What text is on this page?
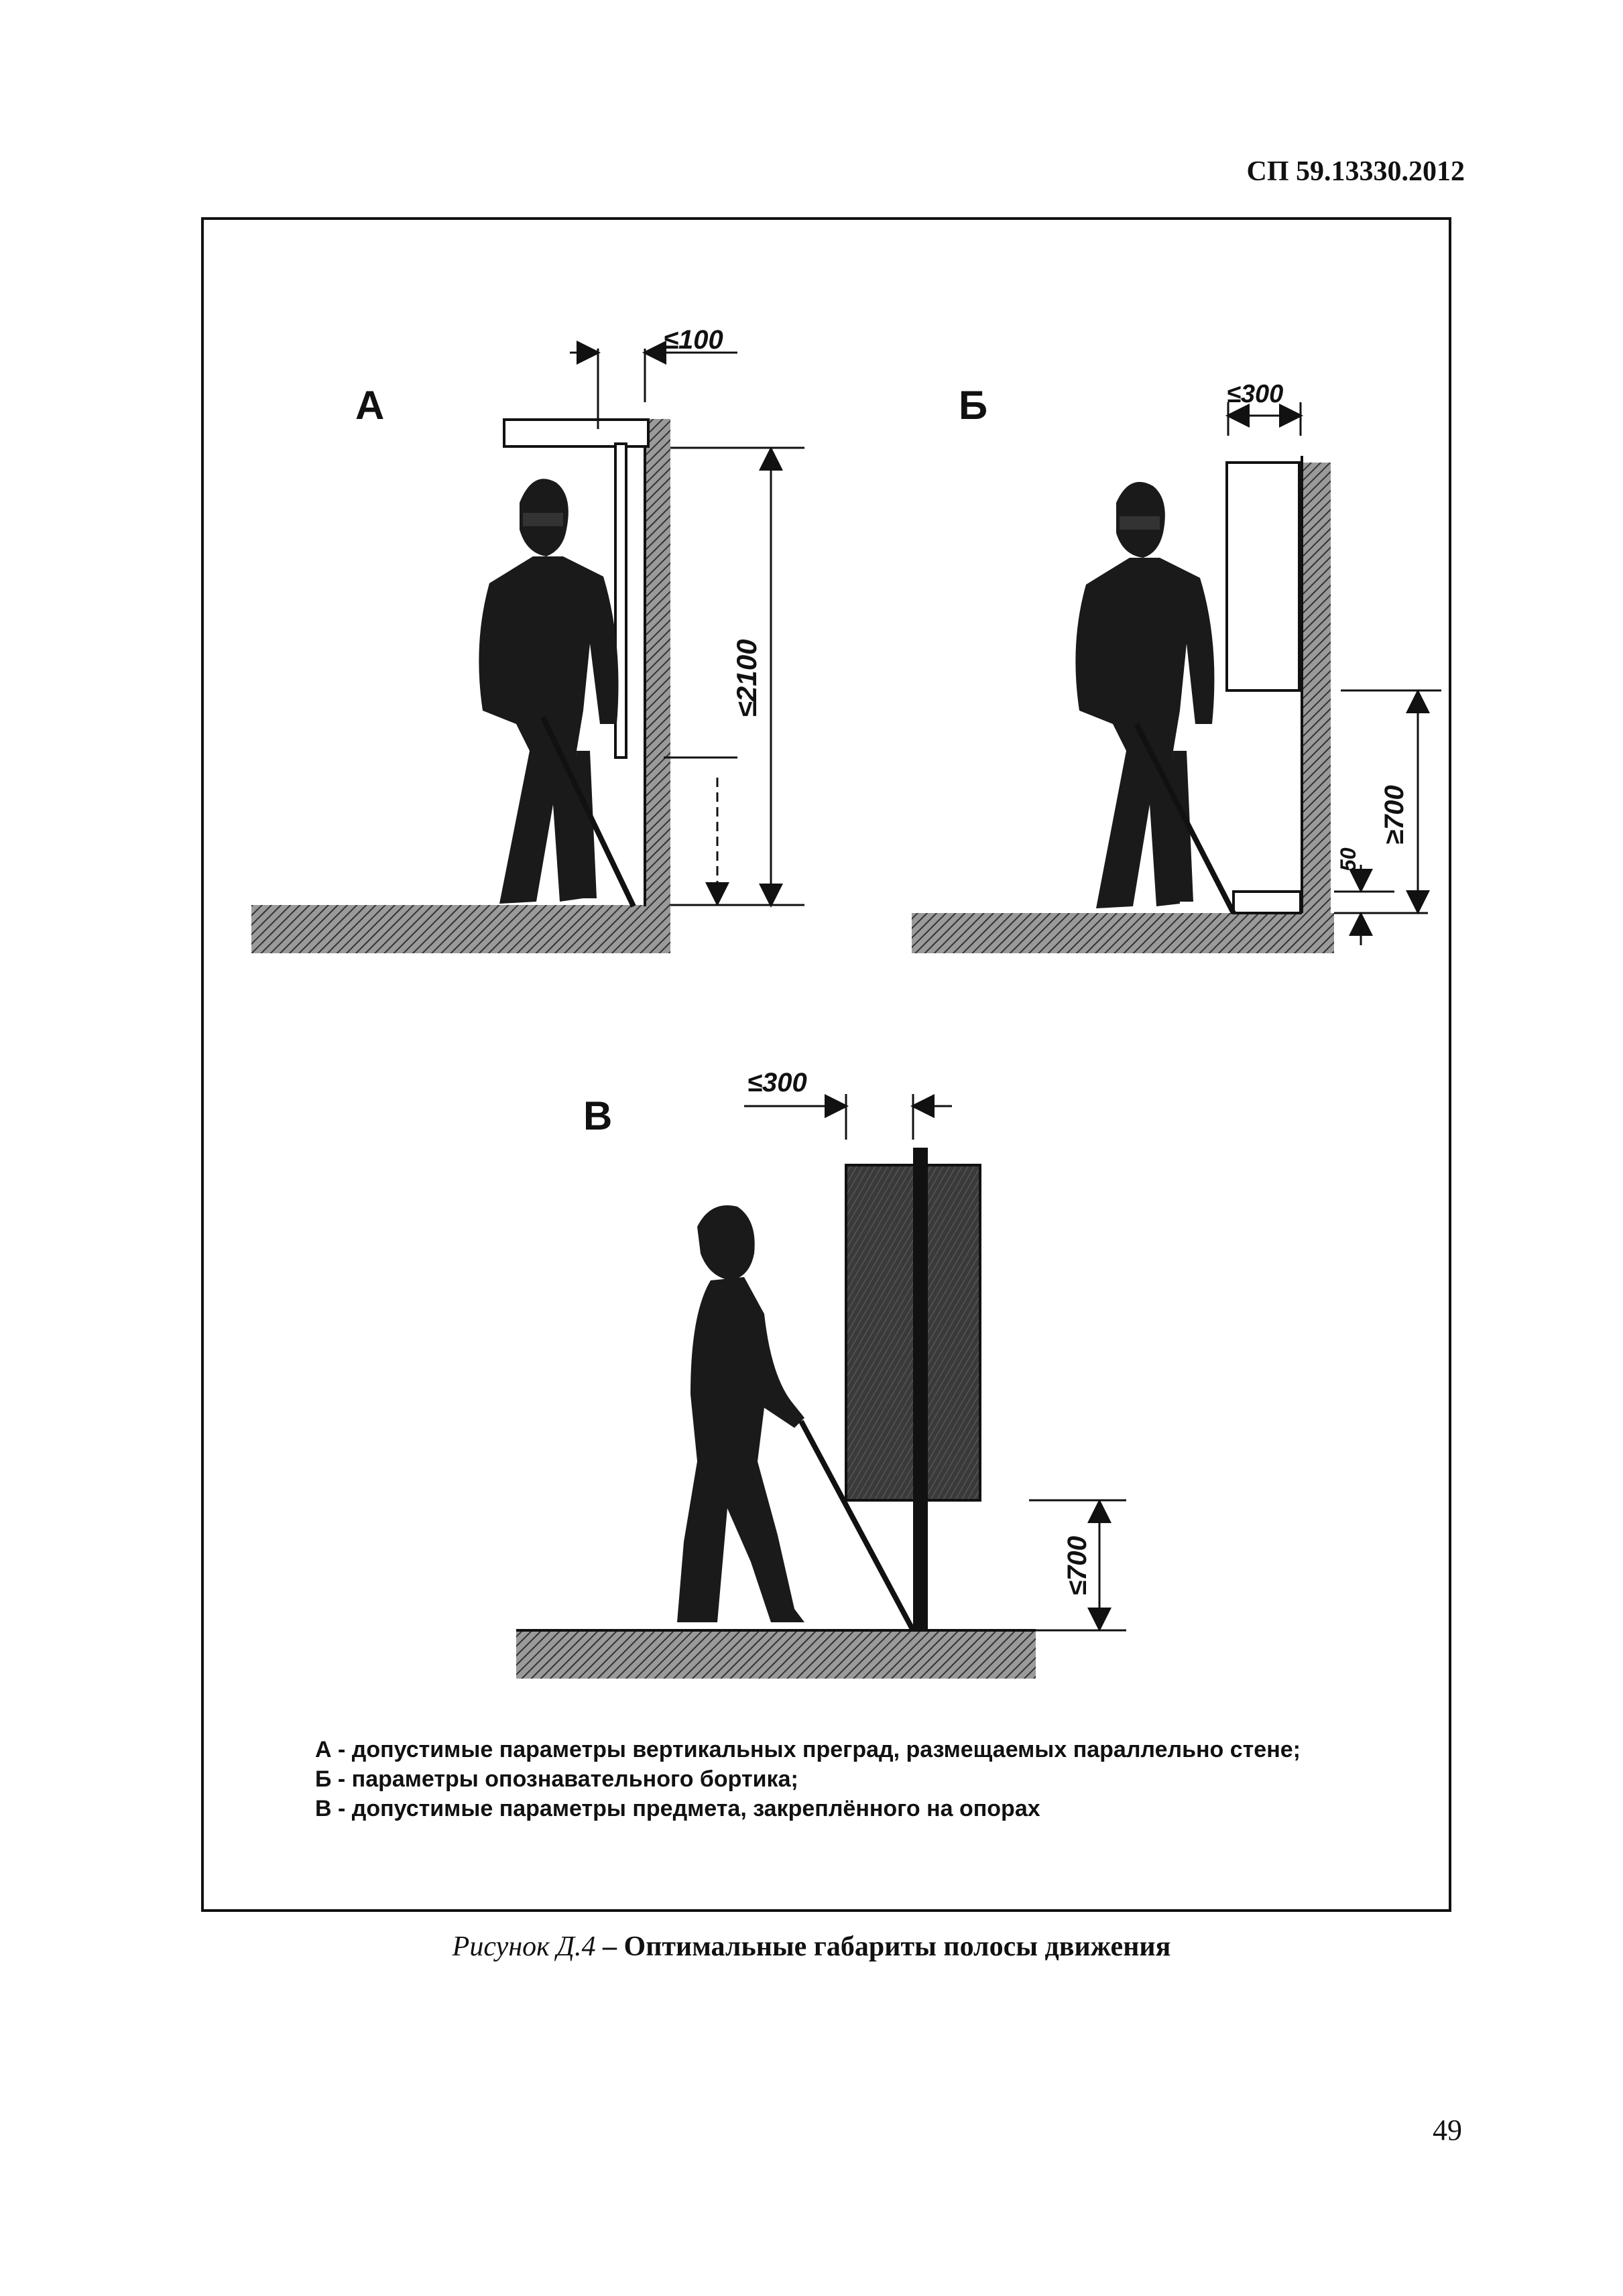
СП 59.13330.2012
А
≤100
≤2100
Б	≤300
≥700
50
В
≤300
≤700
А - допустимые параметры вертикальных преград, размещаемых параллельно стене;
Б - параметры опознавательного бортика;
В - допустимые параметры предмета, закреплённого на опорах
Рисунок Д.4 – Оптимальные габариты полосы движения
49
